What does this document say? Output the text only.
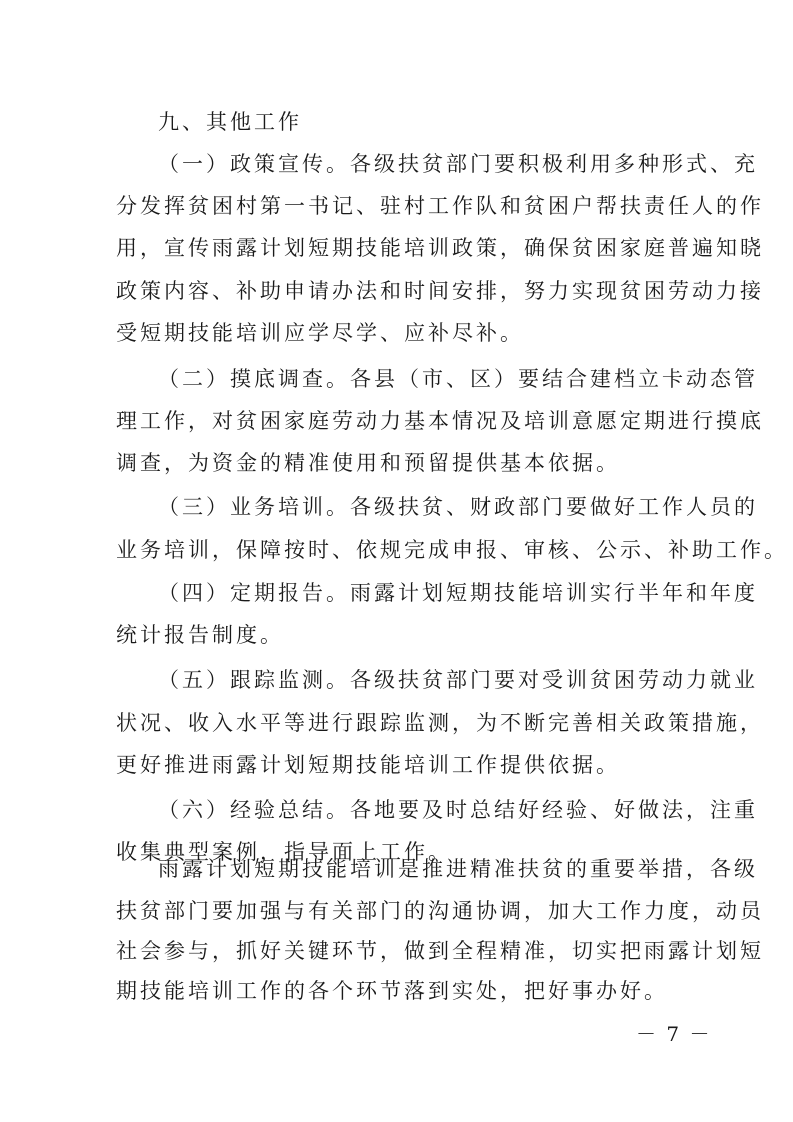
九、其他工作
（一）政策宣传。各级扶贫部门要积极利用多种形式、充
分发挥贫困村第一书记、驻村工作队和贫困户帮扶责任人的作
用，宣传雨露计划短期技能培训政策，确保贫困家庭普遍知晓
政策内容、补助申请办法和时间安排，努力实现贫困劳动力接
受短期技能培训应学尽学、应补尽补。
（二）摸底调查。各县（市、区）要结合建档立卡动态管
理工作，对贫困家庭劳动力基本情况及培训意愿定期进行摸底
调查，为资金的精准使用和预留提供基本依据。
（三）业务培训。各级扶贫、财政部门要做好工作人员的
业务培训，保障按时、依规完成申报、审核、公示、补助工作。
（四）定期报告。雨露计划短期技能培训实行半年和年度
统计报告制度。
（五）跟踪监测。各级扶贫部门要对受训贫困劳动力就业
状况、收入水平等进行跟踪监测，为不断完善相关政策措施，
更好推进雨露计划短期技能培训工作提供依据。
（六）经验总结。各地要及时总结好经验、好做法，注重
收集典型案例，指导面上工作。
－ 7 －
雨露计划短期技能培训是推进精准扶贫的重要举措，各级
扶贫部门要加强与有关部门的沟通协调，加大工作力度，动员
社会参与，抓好关键环节，做到全程精准，切实把雨露计划短
期技能培训工作的各个环节落到实处，把好事办好。
